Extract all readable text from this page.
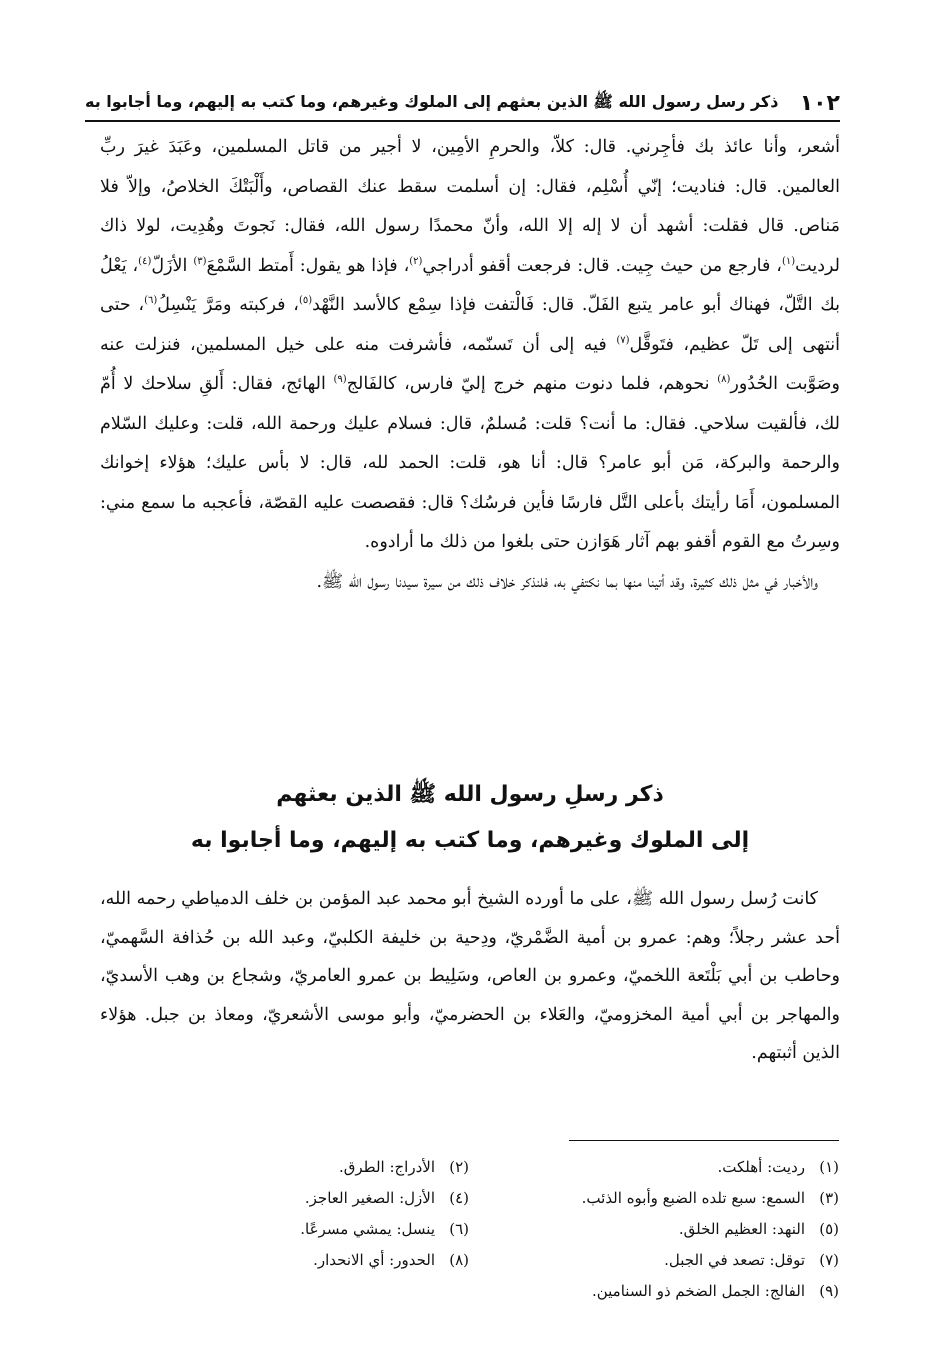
١٠٢
ذكر رسل رسول الله ﷺ الذين بعثهم إلى الملوك وغيرهم، وما كتب به إليهم، وما أجابوا به

أشعر، وأنا عائذ بك فأجِرني. قال: كلاّ، والحرمِ الأمِين، لا أجير من قاتل المسلمين، وعَبَدَ غيرَ ربِّ العالمين. قال: فناديت؛ إنّي أُسْلِم، فقال: إن أسلمت سقط عنك القصاص، وأَلْبَتْكَ الخلاصُ، وإلاّ فلا مَناص. قال فقلت: أشهد أن لا إله إلا الله، وأنّ محمدًا رسول الله، فقال: نَجوتَ وهُدِيت، لولا ذاك لرديت$^{(١)}$، فارجع من حيث جِيت. قال: فرجعت أقفو أدراجي$^{(٢)}$، فإذا هو يقول: أَمتط السَّمْعَ$^{(٣)}$ الأزَلّ$^{(٤)}$، يَعْلُ بك التَّلّ، فهناك أبو عامر يتبع الفَلّ. قال: فَالْتفت فإذا سِمْع كالأسد النَّهْد$^{(٥)}$، فركبته ومَرَّ يَنْسِلُ$^{(٦)}$، حتى أنتهى إلى تَلّ عظيم، فتَوقَّل$^{(٧)}$ فيه إلى أن تَسنّمه، فأشرفت منه على خيل المسلمين، فنزلت عنه وصَوَّبت الحُدُور$^{(٨)}$ نحوهم، فلما دنوت منهم خرج إليّ فارس، كالفَالج$^{(٩)}$ الهائج، فقال: أَلقِ سلاحك لا أُمّ لك، فألقيت سلاحي. فقال: ما أنت؟ قلت: مُسلمٌ، قال: فسلام عليك ورحمة الله، قلت: وعليك السّلام والرحمة والبركة، مَن أبو عامر؟ قال: أنا هو، قلت: الحمد لله، قال: لا بأس عليك؛ هؤلاء إخوانك المسلمون، أَمَا رأيتك بأعلى التَّل فارسًا فأين فرسُك؟ قال: فقصصت عليه القصّة، فأعجبه ما سمع مني: وسِرتُ مع القوم أقفو بهم آثار هَوَازن حتى بلغوا من ذلك ما أرادوه.

والأخبار في مثل ذلك كثيرة، وقد أتينا منها بما نكتفي به، فلنذكر خلاف ذلك من سيرة سيدنا رسول الله ﷺ.

ذكر رسلِ رسول الله ﷺ الذين بعثهم
إلى الملوك وغيرهم، وما كتب به إليهم، وما أجابوا به

كانت رُسل رسول الله ﷺ، على ما أورده الشيخ أبو محمد عبد المؤمن بن خلف الدمياطي رحمه الله، أحد عشر رجلاً؛ وهم: عمرو بن أمية الضَّمْريّ، ودِحية بن خليفة الكلبيّ، وعبد الله بن حُذافة السَّهميّ، وحاطب بن أبي بَلْتَعة اللخميّ، وعمرو بن العاص، وسَلِيط بن عمرو العامريّ، وشجاع بن وهب الأسديّ، والمهاجر بن أبي أمية المخزوميّ، والعَلاء بن الحضرميّ، وأبو موسى الأشعريّ، ومعاذ بن جبل. هؤلاء الذين أثبتهم.

(١)رديت: أهلكت.
(٢)الأدراج: الطرق.
(٣)السمع: سبع تلده الضبع وأبوه الذئب.
(٤)الأزل: الصغير العاجز.
(٥)النهد: العظيم الخلق.
(٦)ينسل: يمشي مسرعًا.
(٧)توقل: تصعد في الجبل.
(٨)الحدور: أي الانحدار.
(٩)الفالج: الجمل الضخم ذو السنامين.
